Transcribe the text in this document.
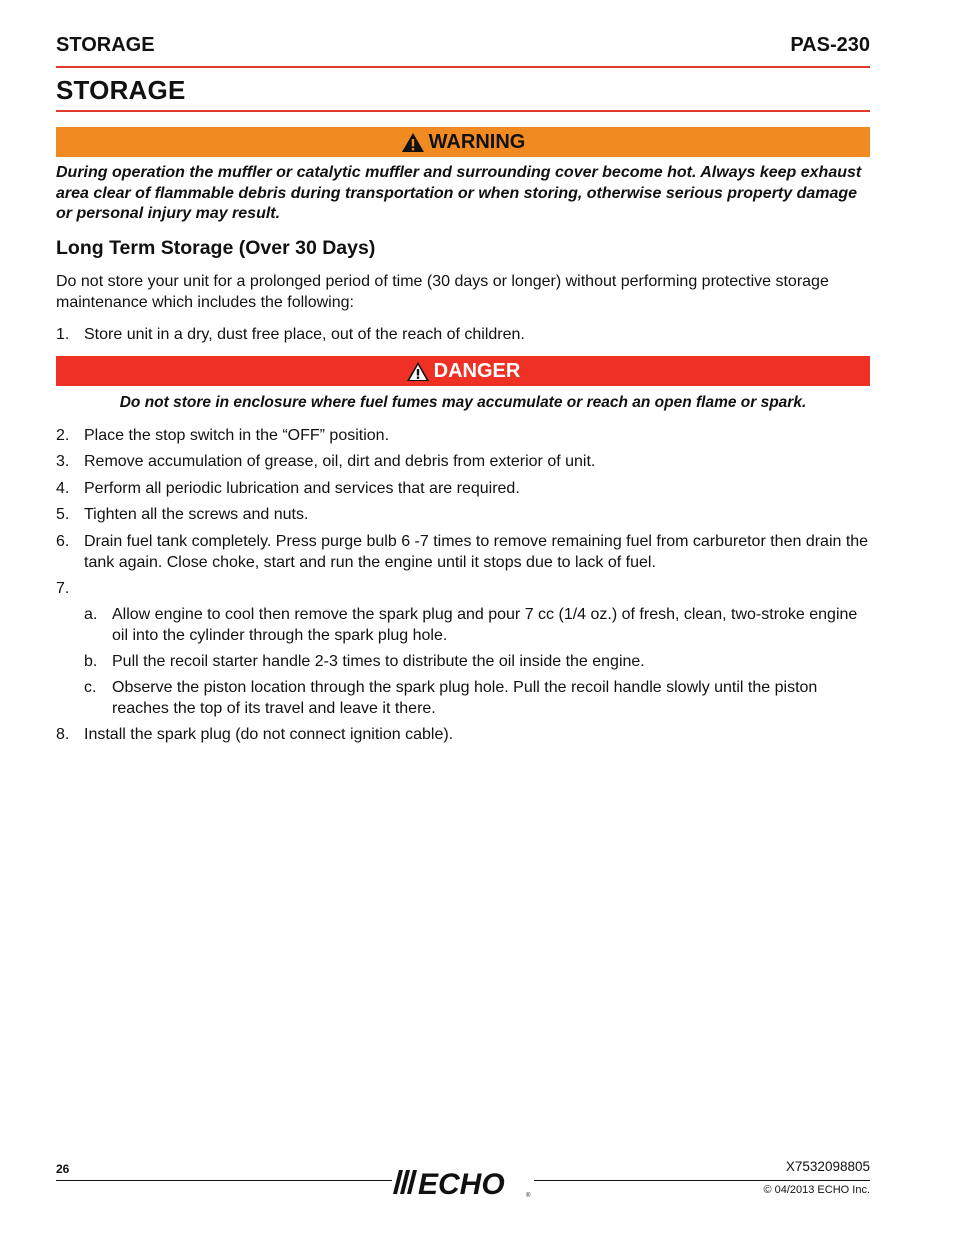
STORAGE	PAS-230
STORAGE
WARNING
During operation the muffler or catalytic muffler and surrounding cover become hot. Always keep exhaust area clear of flammable debris during transportation or when storing, otherwise serious property damage or personal injury may result.
Long Term Storage (Over 30 Days)
Do not store your unit for a prolonged period of time (30 days or longer) without performing protective storage maintenance which includes the following:
1. Store unit in a dry, dust free place, out of the reach of children.
DANGER
Do not store in enclosure where fuel fumes may accumulate or reach an open flame or spark.
2. Place the stop switch in the “OFF” position.
3. Remove accumulation of grease, oil, dirt and debris from exterior of unit.
4. Perform all periodic lubrication and services that are required.
5. Tighten all the screws and nuts.
6. Drain fuel tank completely. Press purge bulb 6 -7 times to remove remaining fuel from carburetor then drain the tank again. Close choke, start and run the engine until it stops due to lack of fuel.
7.
a. Allow engine to cool then remove the spark plug and pour 7 cc (1/4 oz.) of fresh, clean, two-stroke engine oil into the cylinder through the spark plug hole.
b. Pull the recoil starter handle 2-3 times to distribute the oil inside the engine.
c. Observe the piston location through the spark plug hole. Pull the recoil handle slowly until the piston reaches the top of its travel and leave it there.
8. Install the spark plug (do not connect ignition cable).
26	ECHO	®
X7532098805
© 04/2013 ECHO Inc.
